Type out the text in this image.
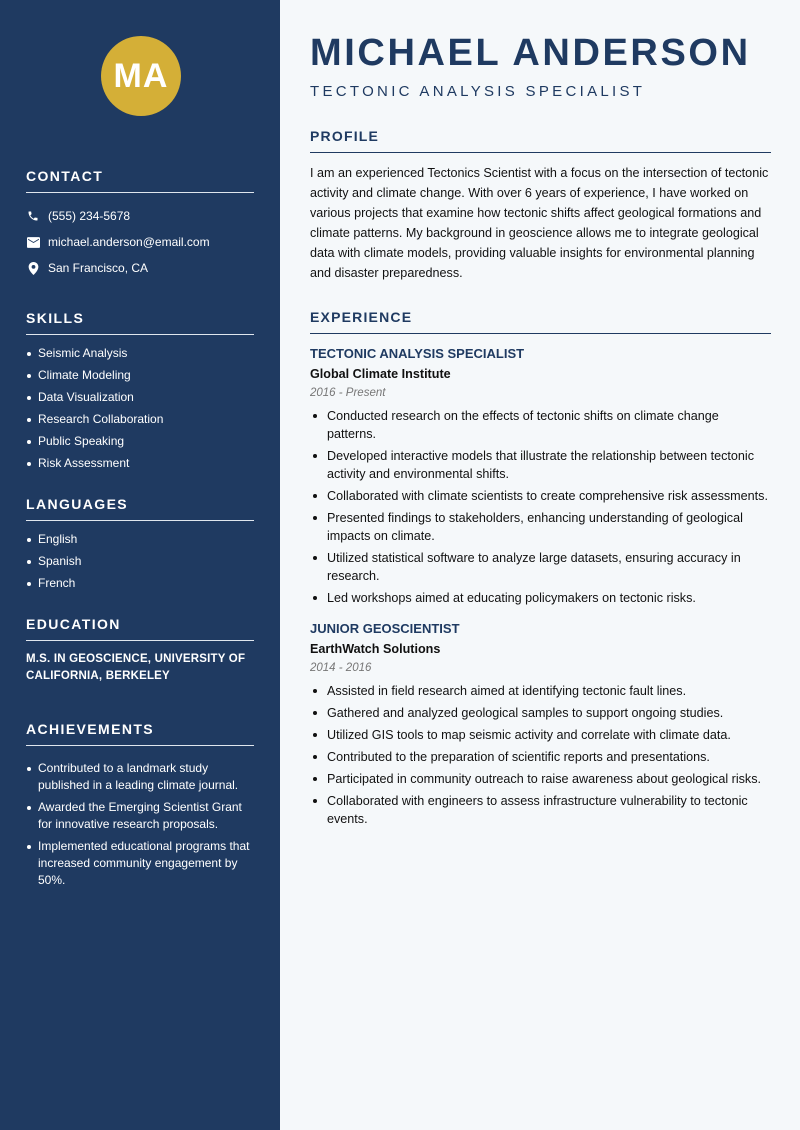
MA
CONTACT
(555) 234-5678
michael.anderson@email.com
San Francisco, CA
SKILLS
Seismic Analysis
Climate Modeling
Data Visualization
Research Collaboration
Public Speaking
Risk Assessment
LANGUAGES
English
Spanish
French
EDUCATION
M.S. IN GEOSCIENCE, UNIVERSITY OF CALIFORNIA, BERKELEY
ACHIEVEMENTS
Contributed to a landmark study published in a leading climate journal.
Awarded the Emerging Scientist Grant for innovative research proposals.
Implemented educational programs that increased community engagement by 50%.
MICHAEL ANDERSON
TECTONIC ANALYSIS SPECIALIST
PROFILE

I am an experienced Tectonics Scientist with a focus on the intersection of tectonic activity and climate change. With over 6 years of experience, I have worked on various projects that examine how tectonic shifts affect geological formations and climate patterns. My background in geoscience allows me to integrate geological data with climate models, providing valuable insights for environmental planning and disaster preparedness.

EXPERIENCE
TECTONIC ANALYSIS SPECIALIST
Global Climate Institute
2016 - Present
Conducted research on the effects of tectonic shifts on climate change patterns.
Developed interactive models that illustrate the relationship between tectonic activity and environmental shifts.
Collaborated with climate scientists to create comprehensive risk assessments.
Presented findings to stakeholders, enhancing understanding of geological impacts on climate.
Utilized statistical software to analyze large datasets, ensuring accuracy in research.
Led workshops aimed at educating policymakers on tectonic risks.
JUNIOR GEOSCIENTIST
EarthWatch Solutions
2014 - 2016
Assisted in field research aimed at identifying tectonic fault lines.
Gathered and analyzed geological samples to support ongoing studies.
Utilized GIS tools to map seismic activity and correlate with climate data.
Contributed to the preparation of scientific reports and presentations.
Participated in community outreach to raise awareness about geological risks.
Collaborated with engineers to assess infrastructure vulnerability to tectonic events.
